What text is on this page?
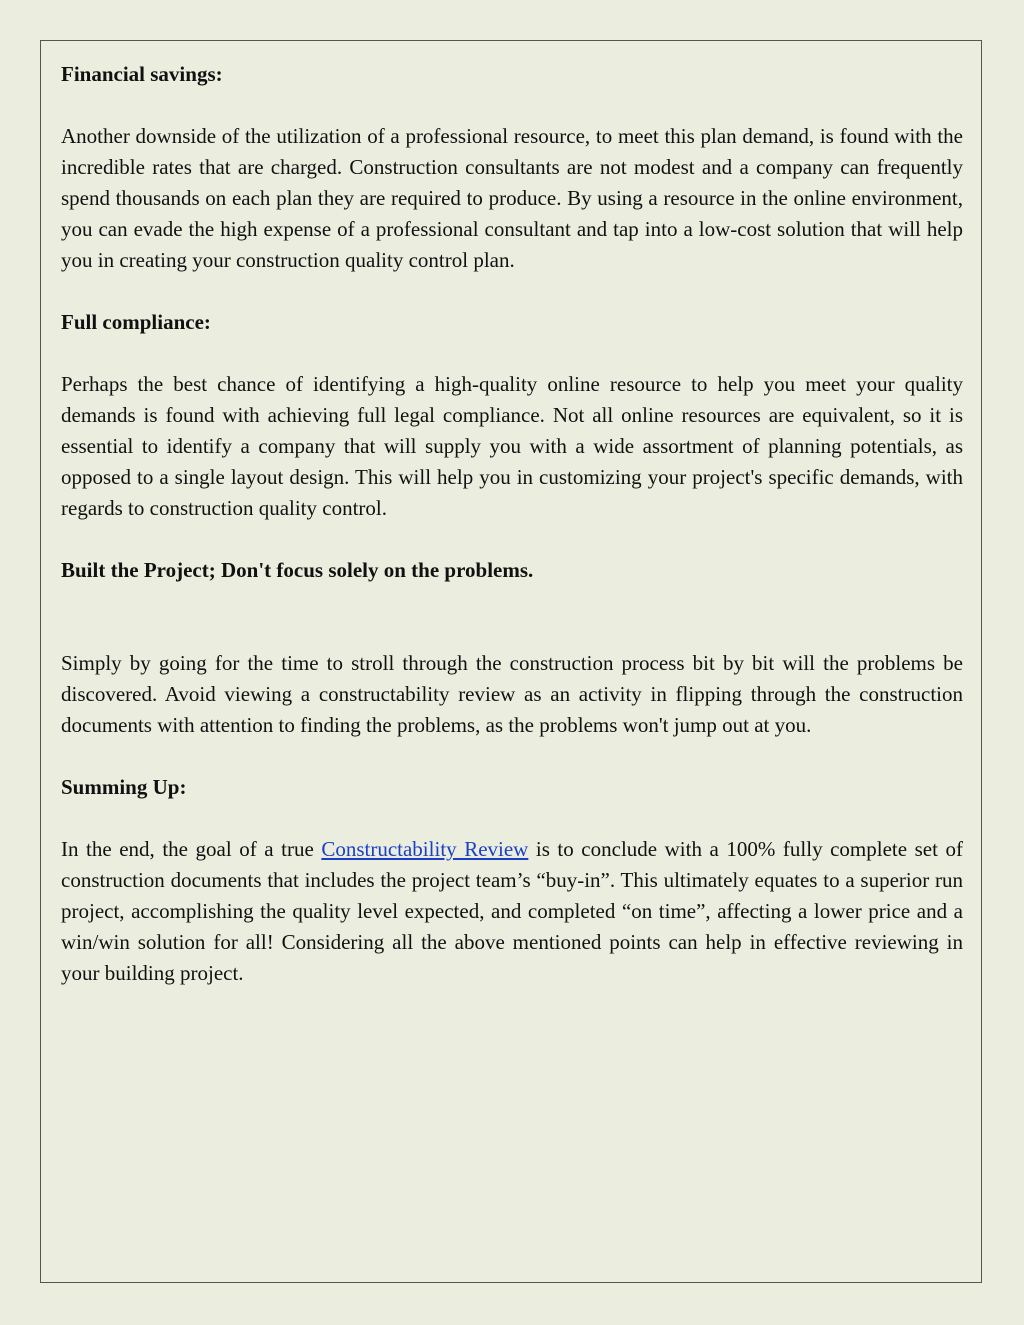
Financial savings:

Another downside of the utilization of a professional resource, to meet this plan demand, is found with the incredible rates that are charged. Construction consultants are not modest and a company can frequently spend thousands on each plan they are required to produce. By using a resource in the online environment, you can evade the high expense of a professional consultant and tap into a low-cost solution that will help you in creating your construction quality control plan.

Full compliance:

Perhaps the best chance of identifying a high-quality online resource to help you meet your quality demands is found with achieving full legal compliance. Not all online resources are equivalent, so it is essential to identify a company that will supply you with a wide assortment of planning potentials, as opposed to a single layout design. This will help you in customizing your project's specific demands, with regards to construction quality control.

Built the Project; Don't focus solely on the problems.

Simply by going for the time to stroll through the construction process bit by bit will the problems be discovered. Avoid viewing a constructability review as an activity in flipping through the construction documents with attention to finding the problems, as the problems won't jump out at you.

Summing Up:

In the end, the goal of a true Constructability Review is to conclude with a 100% fully complete set of construction documents that includes the project team’s “buy-in”. This ultimately equates to a superior run project, accomplishing the quality level expected, and completed “on time”, affecting a lower price and a win/win solution for all! Considering all the above mentioned points can help in effective reviewing in your building project.
